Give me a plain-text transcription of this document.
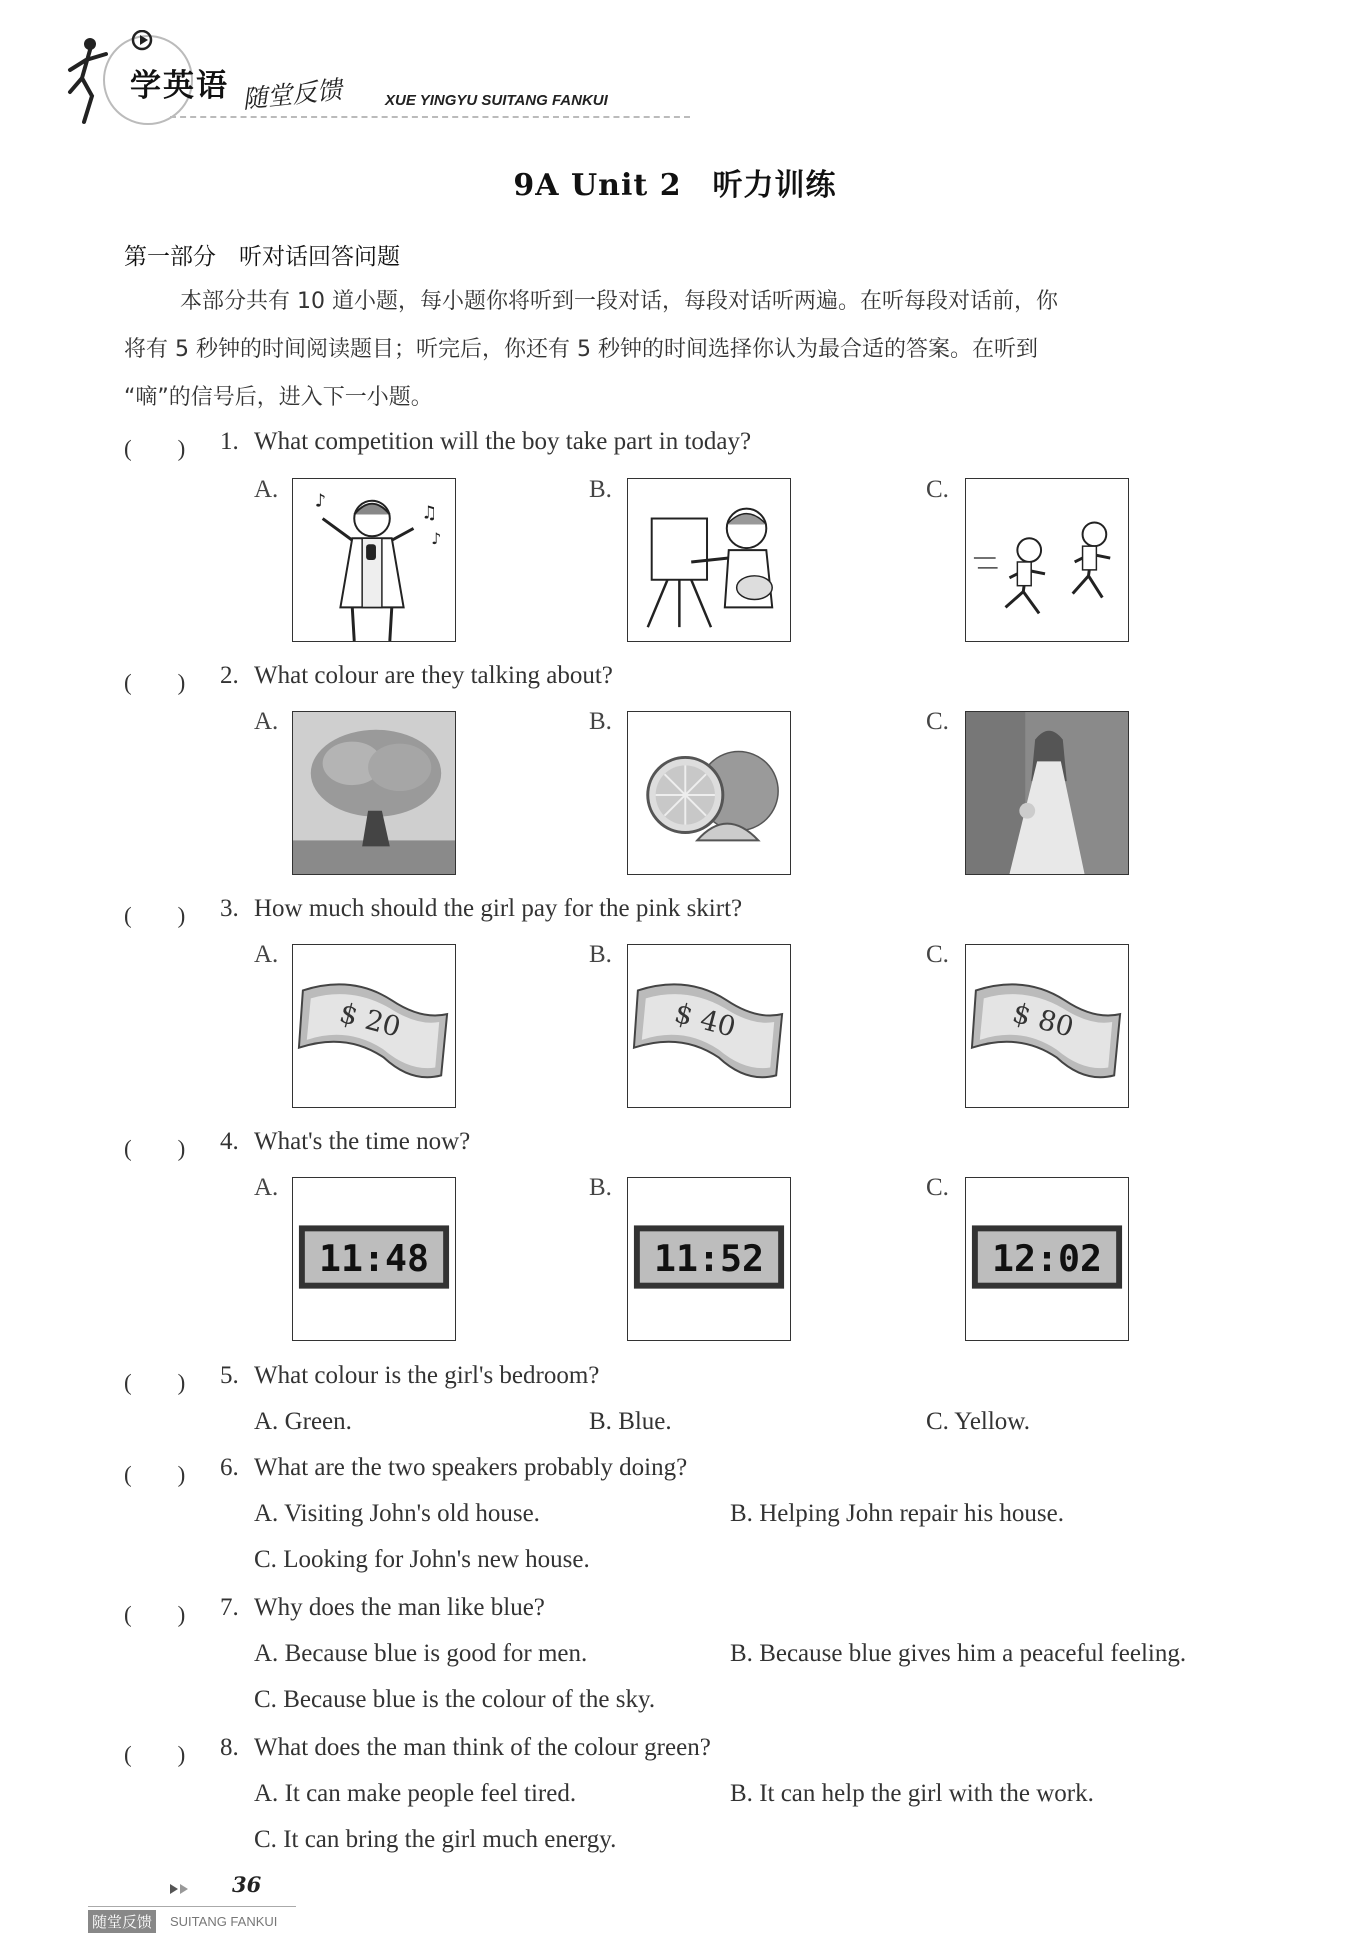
学英语 随堂反馈	XUE YINGYU SUITANG FANKUI
9A Unit 2　听力训练
第一部分　听对话回答问题
本部分共有 10 道小题，每小题你将听到一段对话，每段对话听两遍。在听每段对话前，你
将有 5 秒钟的时间阅读题目；听完后，你还有 5 秒钟的时间选择你认为最合适的答案。在听到
“嘀”的信号后，进入下一小题。
(　　) 1. What competition will the boy take part in today?
A.	B.	C.
♪
♫
♪
(　　) 2. What colour are they talking about?
A.	B.	C.
(　　) 3. How much should the girl pay for the pink skirt?
A.	B.	C.
$ 20	$ 40	$ 80
(　　) 4. What's the time now?
A.	B.	C.
11:48	11:52	12:02
(　　) 5. What colour is the girl's bedroom?
A. Green.	B. Blue.	C. Yellow.
(　　) 6. What are the two speakers probably doing?
A. Visiting John's old house.	B. Helping John repair his house.
C. Looking for John's new house.
(　　) 7. Why does the man like blue?
A. Because blue is good for men.	B. Because blue gives him a peaceful feeling.
C. Because blue is the colour of the sky.
(　　) 8. What does the man think of the colour green?
A. It can make people feel tired.	B. It can help the girl with the work.
C. It can bring the girl much energy.
36
随堂反馈	SUITANG FANKUI
